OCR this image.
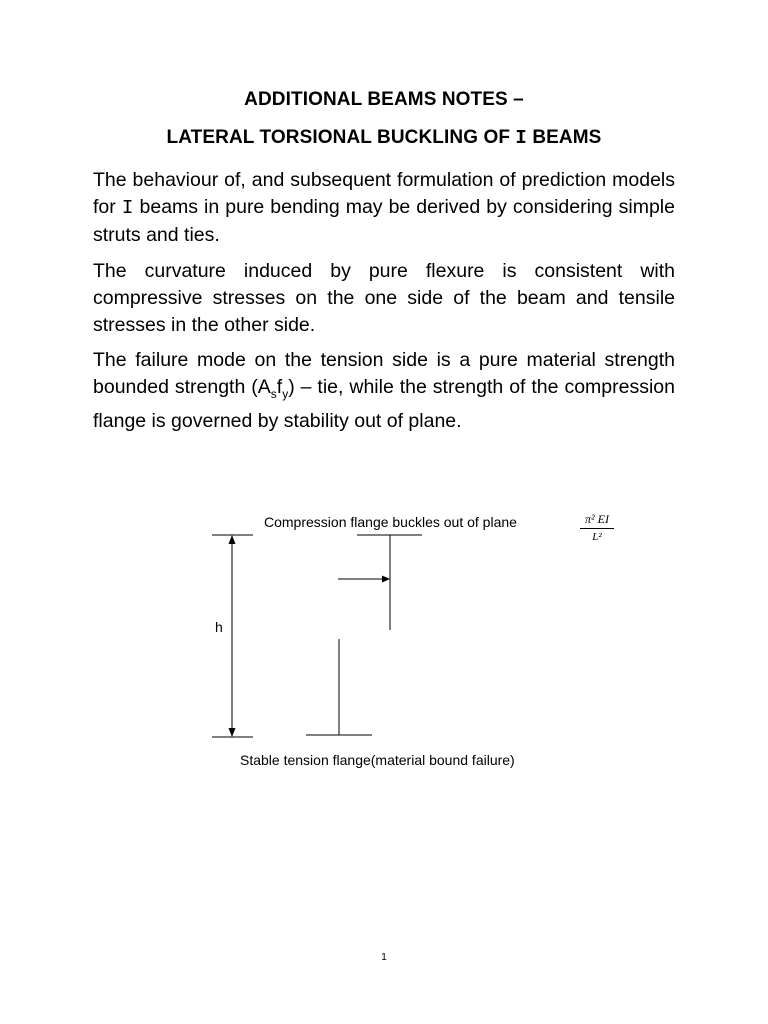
ADDITIONAL BEAMS NOTES –
LATERAL TORSIONAL BUCKLING OF I BEAMS

The behaviour of, and subsequent formulation of prediction models for I beams in pure bending may be derived by considering simple struts and ties.

The curvature induced by pure flexure is consistent with compressive stresses on the one side of the beam and tensile stresses in the other side.

The failure mode on the tension side is a pure material strength bounded strength $(A_sf_y)$ – tie, while the strength of the compression flange is governed by stability out of plane.

Compression flange buckles out of plane
h
Stable tension flange(material bound failure)
π² EI
L²
1
